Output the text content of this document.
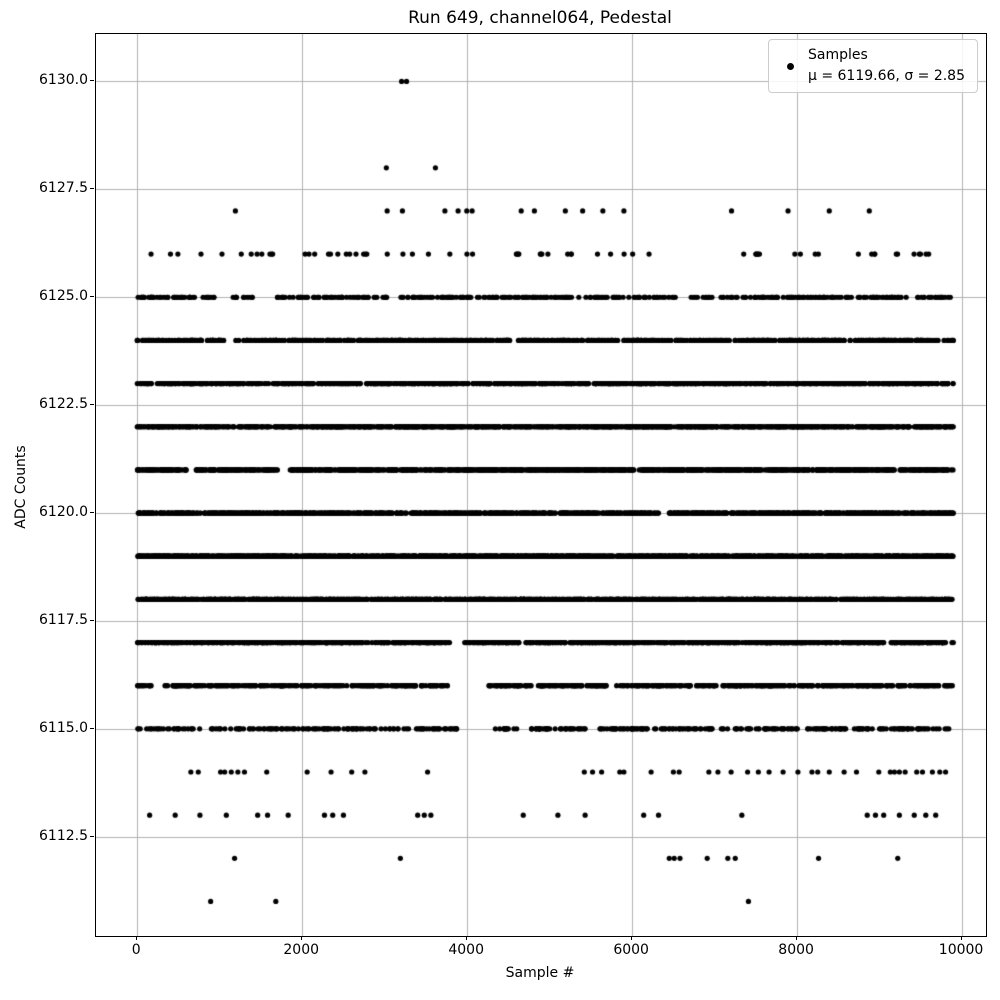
Run 649, channel064, Pedestal
ADC Counts
0	2000	4000	6000	8000	10000
6112.5
6115.0
6117.5
6120.0
6122.5
6125.0
6127.5
6130.0
Sample #
Samples
μ = 6119.66, σ = 2.85
